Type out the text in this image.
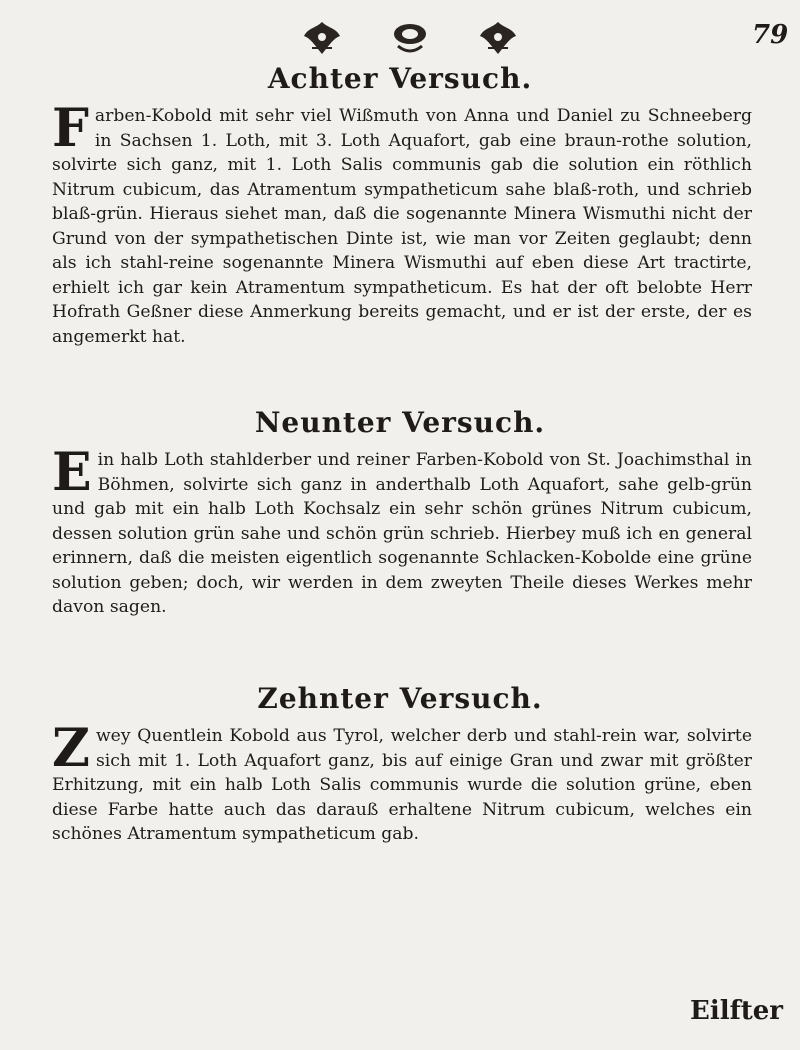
79
Achter Versuch.
Farben-Kobold mit sehr viel Wißmuth von Anna und Daniel zu Schneeberg in Sachsen 1. Loth, mit 3. Loth Aquafort, gab eine braun-rothe solution, solvirte sich ganz, mit 1. Loth Salis communis gab die solution ein röthlich Nitrum cubicum, das Atramentum sympatheticum sahe blaß-roth, und schrieb blaß-grün. Hieraus siehet man, daß die sogenannte Minera Wismuthi nicht der Grund von der sympathetischen Dinte ist, wie man vor Zeiten geglaubt; denn als ich stahl-reine sogenannte Minera Wismuthi auf eben diese Art tractirte, erhielt ich gar kein Atramentum sympatheticum. Es hat der oft belobte Herr Hofrath Geßner diese Anmerkung bereits gemacht, und er ist der erste, der es angemerkt hat.
Neunter Versuch.
Ein halb Loth stahlderber und reiner Farben-Kobold von St. Joachimsthal in Böhmen, solvirte sich ganz in anderthalb Loth Aquafort, sahe gelb-grün und gab mit ein halb Loth Kochsalz ein sehr schön grünes Nitrum cubicum, dessen solution grün sahe und schön grün schrieb. Hierbey muß ich en general erinnern, daß die meisten eigentlich sogenannte Schlacken-Kobolde eine grüne solution geben; doch, wir werden in dem zweyten Theile dieses Werkes mehr davon sagen.
Zehnter Versuch.
Zwey Quentlein Kobold aus Tyrol, welcher derb und stahl-rein war, solvirte sich mit 1. Loth Aquafort ganz, bis auf einige Gran und zwar mit größter Erhitzung, mit ein halb Loth Salis communis wurde die solution grüne, eben diese Farbe hatte auch das darauß erhaltene Nitrum cubicum, welches ein schönes Atramentum sympatheticum gab.
Eilfter
